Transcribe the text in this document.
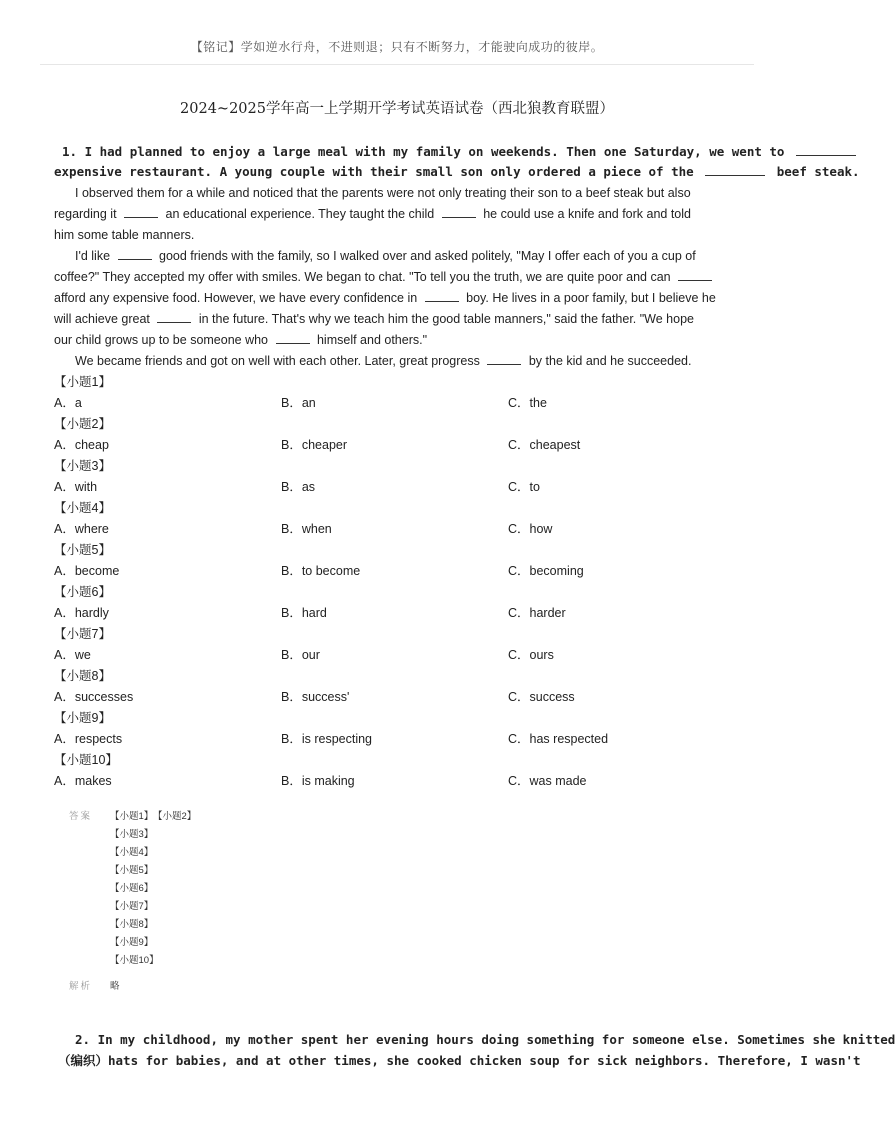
【铭记】学如逆水行舟，不进则退；只有不断努力，才能驶向成功的彼岸。
2024~2025学年高一上学期开学考试英语试卷（西北狼教育联盟）
1. I had planned to enjoy a large meal with my family on weekends. Then one Saturday, we went to
expensive restaurant. A young couple with their small son only ordered a piece of the	beef steak.
I observed them for a while and noticed that the parents were not only treating their son to a beef steak but also
regarding it	an educational experience. They taught the child	he could use a knife and fork and told
him some table manners.
I'd like	good friends with the family, so I walked over and asked politely, "May I offer each of you a cup of
coffee?" They accepted my offer with smiles. We began to chat. "To tell you the truth, we are quite poor and can
afford any expensive food. However, we have every confidence in	boy. He lives in a poor family, but I believe he
will achieve great	in the future. That's why we teach him the good table manners," said the father. "We hope
our child grows up to be someone who	himself and others."
We became friends and got on well with each other. Later, great progress	by the kid and he succeeded.
【小题1】
A．a	B．an	C．the
【小题2】
A．cheap	B．cheaper	C．cheapest
【小题3】
A．with	B．as	C．to
【小题4】
A．where	B．when	C．how
【小题5】
A．become	B．to become	C．becoming
【小题6】
A．hardly	B．hard	C．harder
【小题7】
A．we	B．our	C．ours
【小题8】
A．successes	B．success'	C．success
【小题9】
A．respects	B．is respecting	C．has respected
【小题10】
A．makes	B．is making	C．was made
答案 【小题1】 【小题2】
【小题3】
【小题4】
【小题5】
【小题6】
【小题7】
【小题8】
【小题9】
【小题10】
解析 略
2. In my childhood, my mother spent her evening hours doing something for someone else. Sometimes she knitted
（编织）hats for babies, and at other times, she cooked chicken soup for sick neighbors. Therefore, I wasn't
